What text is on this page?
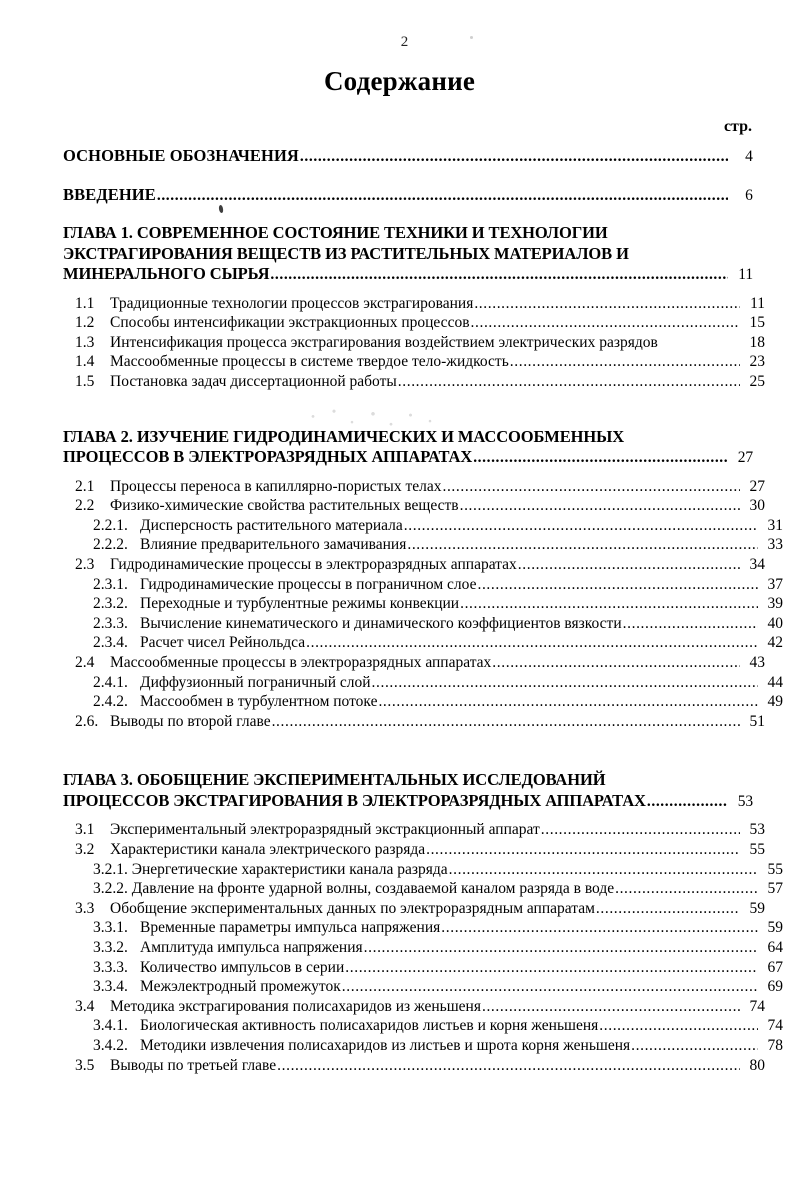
2
Содержание
стр.
ОСНОВНЫЕ ОБОЗНАЧЕНИЯ .....	4
ВВЕДЕНИЕ .....	6
ГЛАВА 1. СОВРЕМЕННОЕ СОСТОЯНИЕ ТЕХНИКИ И ТЕХНОЛОГИИ
ЭКСТРАГИРОВАНИЯ ВЕЩЕСТВ ИЗ РАСТИТЕЛЬНЫХ МАТЕРИАЛОВ И
МИНЕРАЛЬНОГО СЫРЬЯ .....	11
1.1	Традиционные технологии процессов экстрагирования .....	11
1.2	Способы интенсификации экстракционных процессов .....	15
1.3	Интенсификация процесса экстрагирования воздействием электрических разрядов	18
1.4	Массообменные процессы в системе твердое тело-жидкость .....	23
1.5	Постановка задач диссертационной работы .....	25
ГЛАВА 2. ИЗУЧЕНИЕ ГИДРОДИНАМИЧЕСКИХ И МАССООБМЕННЫХ
ПРОЦЕССОВ В ЭЛЕКТРОРАЗРЯДНЫХ АППАРАТАХ .....	27
2.1	Процессы переноса в капиллярно-пористых телах .....	27
2.2	Физико-химические свойства растительных веществ .....	30
2.2.1. Дисперсность растительного материала .....	31
2.2.2. Влияние предварительного замачивания .....	33
2.3	Гидродинамические процессы в электроразрядных аппаратах .....	34
2.3.1. Гидродинамические процессы в пограничном слое .....	37
2.3.2. Переходные и турбулентные режимы конвекции .....	39
2.3.3. Вычисление кинематического и динамического коэффициентов вязкости .....	40
2.3.4. Расчет чисел Рейнольдса .....	42
2.4	Массообменные процессы в электроразрядных аппаратах .....	43
2.4.1. Диффузионный пограничный слой .....	44
2.4.2. Массообмен в турбулентном потоке .....	49
2.6. Выводы по второй главе .....	51
ГЛАВА 3. ОБОБЩЕНИЕ ЭКСПЕРИМЕНТАЛЬНЫХ ИССЛЕДОВАНИЙ
ПРОЦЕССОВ ЭКСТРАГИРОВАНИЯ В ЭЛЕКТРОРАЗРЯДНЫХ АППАРАТАХ .....	53
3.1	Экспериментальный электроразрядный экстракционный аппарат .....	53
3.2	Характеристики канала электрического разряда .....	55
3.2.1. Энергетические характеристики канала разряда .....	55
3.2.2. Давление на фронте ударной волны, создаваемой каналом разряда в воде .....	57
3.3	Обобщение экспериментальных данных по электроразрядным аппаратам .....	59
3.3.1. Временные параметры импульса напряжения .....	59
3.3.2. Амплитуда импульса напряжения .....	64
3.3.3. Количество импульсов в серии .....	67
3.3.4. Межэлектродный промежуток .....	69
3.4	Методика экстрагирования полисахаридов из женьшеня .....	74
3.4.1. Биологическая активность полисахаридов листьев и корня женьшеня .....	74
3.4.2. Методики извлечения полисахаридов из листьев и шрота корня женьшеня .....	78
3.5	Выводы по третьей главе .....	80
